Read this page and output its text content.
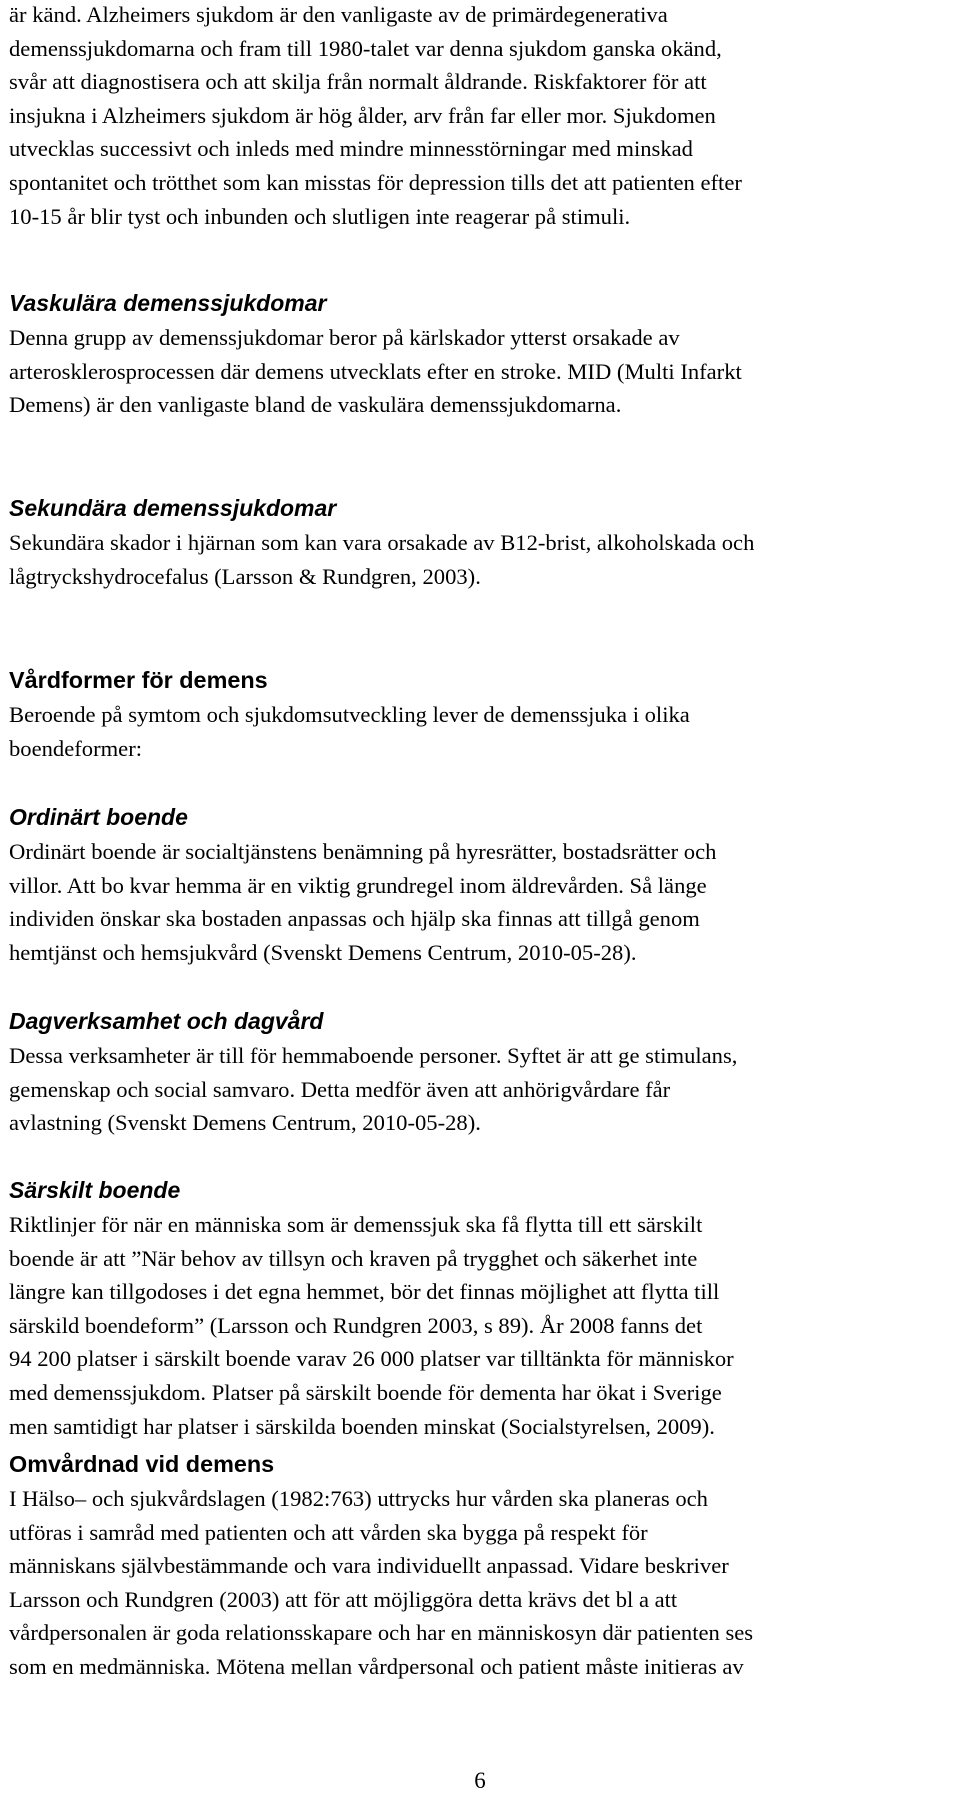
är känd. Alzheimers sjukdom är den vanligaste av de primärdegenerativa
demenssjukdomarna och fram till 1980-talet var denna sjukdom ganska okänd,
svår att diagnostisera och att skilja från normalt åldrande. Riskfaktorer för att
insjukna i Alzheimers sjukdom är hög ålder, arv från far eller mor. Sjukdomen
utvecklas successivt och inleds med mindre minnesstörningar med minskad
spontanitet och trötthet som kan misstas för depression tills det att patienten efter
10-15 år blir tyst och inbunden och slutligen inte reagerar på stimuli.

Vaskulära demenssjukdomar

Denna grupp av demenssjukdomar beror på kärlskador ytterst orsakade av
arterosklerosprocessen där demens utvecklats efter en stroke. MID (Multi Infarkt
Demens) är den vanligaste bland de vaskulära demenssjukdomarna.

Sekundära demenssjukdomar

Sekundära skador i hjärnan som kan vara orsakade av B12-brist, alkoholskada och
lågtryckshydrocefalus (Larsson & Rundgren, 2003).

Vårdformer för demens

Beroende på symtom och sjukdomsutveckling lever de demenssjuka i olika
boendeformer:

Ordinärt boende

Ordinärt boende är socialtjänstens benämning på hyresrätter, bostadsrätter och
villor. Att bo kvar hemma är en viktig grundregel inom äldrevården. Så länge
individen önskar ska bostaden anpassas och hjälp ska finnas att tillgå genom
hemtjänst och hemsjukvård (Svenskt Demens Centrum, 2010-05-28).

Dagverksamhet och dagvård

Dessa verksamheter är till för hemmaboende personer. Syftet är att ge stimulans,
gemenskap och social samvaro. Detta medför även att anhörigvårdare får
avlastning (Svenskt Demens Centrum, 2010-05-28).

Särskilt boende

Riktlinjer för när en människa som är demenssjuk ska få flytta till ett särskilt
boende är att ”När behov av tillsyn och kraven på trygghet och säkerhet inte
längre kan tillgodoses i det egna hemmet, bör det finnas möjlighet att flytta till
särskild boendeform” (Larsson och Rundgren 2003, s 89). År 2008 fanns det
94 200 platser i särskilt boende varav 26 000 platser var tilltänkta för människor
med demenssjukdom. Platser på särskilt boende för dementa har ökat i Sverige
men samtidigt har platser i särskilda boenden minskat (Socialstyrelsen, 2009).

Omvårdnad vid demens

I Hälso– och sjukvårdslagen (1982:763) uttrycks hur vården ska planeras och
utföras i samråd med patienten och att vården ska bygga på respekt för
människans självbestämmande och vara individuellt anpassad. Vidare beskriver
Larsson och Rundgren (2003) att för att möjliggöra detta krävs det bl a att
vårdpersonalen är goda relationsskapare och har en människosyn där patienten ses
som en medmänniska. Mötena mellan vårdpersonal och patient måste initieras av

6
